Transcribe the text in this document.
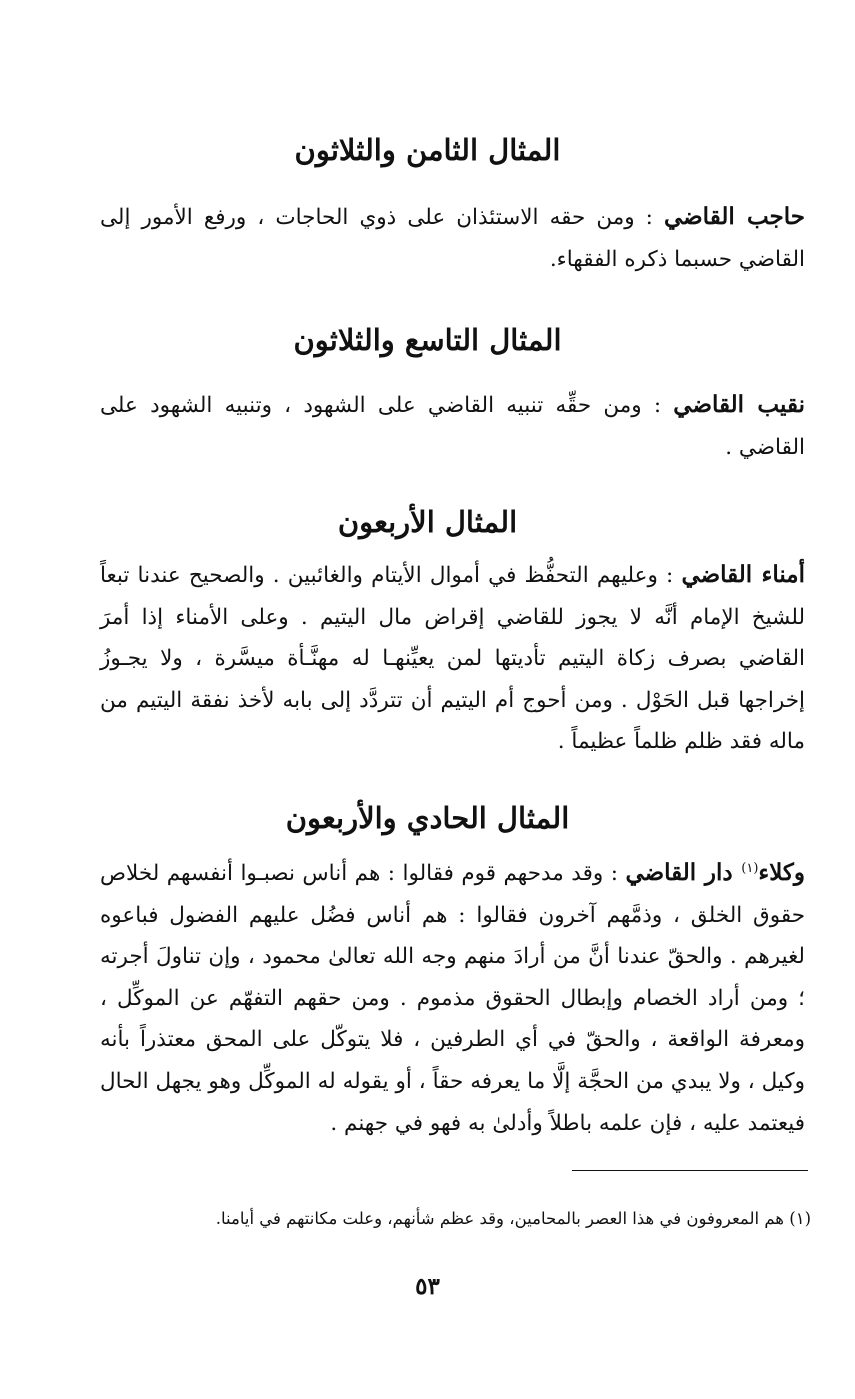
المثال الثامن والثلاثون
حاجب القاضي : ومن حقه الاستئذان على ذوي الحاجات ، ورفع الأمور إلى القاضي حسبما ذكره الفقهاء.
المثال التاسع والثلاثون
نقيب القاضي : ومن حقِّه تنبيه القاضي على الشهود ، وتنبيه الشهود على القاضي .
المثال الأربعون
أمناء القاضي : وعليهم التحفُّظ في أموال الأيتام والغائبين . والصحيح عندنا تبعاً للشيخ الإمام أنَّه لا يجوز للقاضي إقراض مال اليتيم . وعلى الأمناء إذا أمرَ القاضي بصرف زكاة اليتيم تأديتها لمن يعيِّنهـا له مهنَّـأة ميسَّرة ، ولا يجـوزُ إخراجها قبل الحَوْل . ومن أحوج أم اليتيم أن تتردَّد إلى بابه لأخذ نفقة اليتيم من ماله فقد ظلم ظلماً عظيماً .
المثال الحادي والأربعون
وكلاء$^{(١)}$ دار القاضي : وقد مدحهم قوم فقالوا : هم أناس نصبـوا أنفسهم لخلاص حقوق الخلق ، وذمَّهم آخرون فقالوا : هم أناس فضُل عليهم الفضول فباعوه لغيرهم . والحقّ عندنا أنَّ من أرادَ منهم وجه الله تعالىٰ محمود ، وإن تناولَ أجرته ؛ ومن أراد الخصام وإبطال الحقوق مذموم . ومن حقهم التفهّم عن الموكِّل ، ومعرفة الواقعة ، والحقّ في أي الطرفين ، فلا يتوكّل على المحق معتذراً بأنه وكيل ، ولا يبدي من الحجَّة إلَّا ما يعرفه حقاً ، أو يقوله له الموكِّل وهو يجهل الحال فيعتمد عليه ، فإن علمه باطلاً وأدلىٰ به فهو في جهنم .
(١) هم المعروفون في هذا العصر بالمحامين، وقد عظم شأنهم، وعلت مكانتهم في أيامنا.
٥٣
